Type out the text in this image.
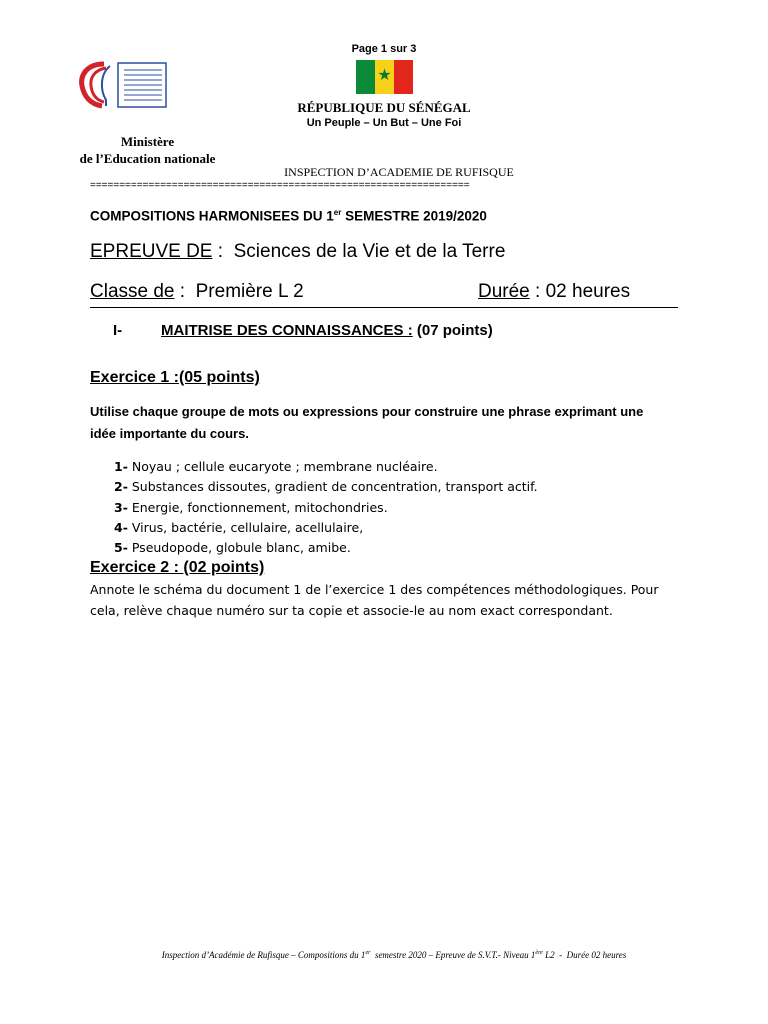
Page 1 sur 3
★
RÉPUBLIQUE DU SÉNÉGAL
Un Peuple – Un But – Une Foi
Ministère
de l’Education nationale
INSPECTION D’ACADEMIE DE RUFISQUE
=================================================================
COMPOSITIONS HARMONISEES DU 1er SEMESTRE 2019/2020
EPREUVE DE :  Sciences de la Vie et de la Terre
Classe de :  Première L 2	Durée : 02 heures
I-	MAITRISE DES CONNAISSANCES : (07 points)
Exercice 1 :(05 points)
Utilise chaque groupe de mots ou expressions pour construire une phrase exprimant une idée importante du cours.
1- Noyau ; cellule eucaryote ; membrane nucléaire.
2- Substances dissoutes, gradient de concentration, transport actif.
3- Energie, fonctionnement, mitochondries.
4- Virus, bactérie, cellulaire, acellulaire,
5- Pseudopode, globule blanc, amibe.
Exercice 2 : (02 points)
Annote le schéma du document 1 de l’exercice 1 des compétences méthodologiques. Pour cela, relève chaque numéro sur ta copie et associe-le au nom exact correspondant.
Inspection d’Académie de Rufisque – Compositions du 1er  semestre 2020 – Epreuve de S.V.T.- Niveau 1ère L2  -  Durée 02 heures
